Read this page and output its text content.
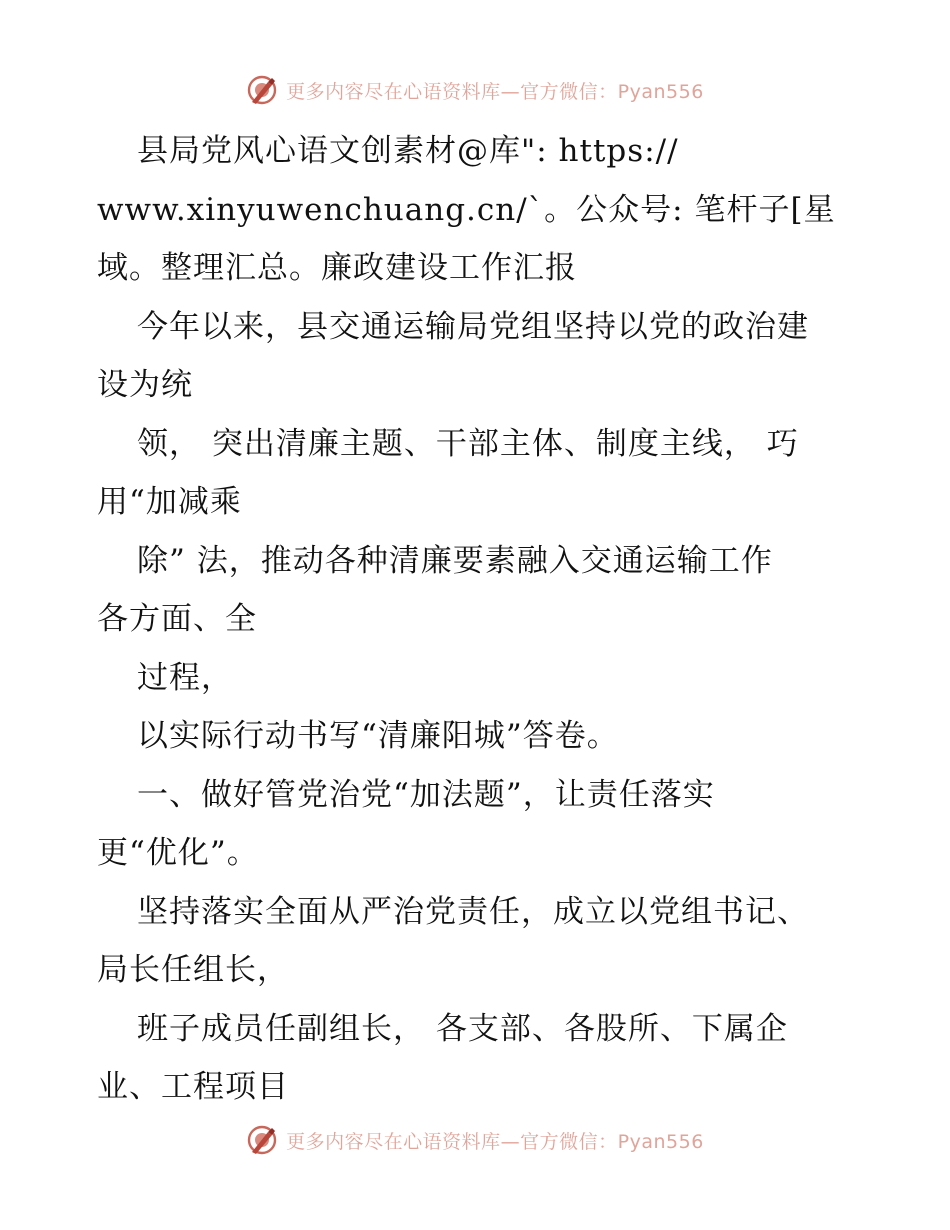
更多内容尽在心语资料库—官方微信：Pyan556
县局党风心语文创素材@库": https://
www.xinyuwenchuang.cn/`。公众号: 笔杆子[星
域。整理汇总。廉政建设工作汇报
今年以来，县交通运输局党组坚持以党的政治建
设为统
领， 突出清廉主题、干部主体、制度主线， 巧
用“加减乘
除” 法，推动各种清廉要素融入交通运输工作
各方面、全
过程，
以实际行动书写“清廉阳城”答卷。
一、做好管党治党“加法题”，让责任落实
更“优化”。
坚持落实全面从严治党责任，成立以党组书记、
局长任组长，
班子成员任副组长， 各支部、各股所、下属企
业、工程项目
更多内容尽在心语资料库—官方微信：Pyan556
